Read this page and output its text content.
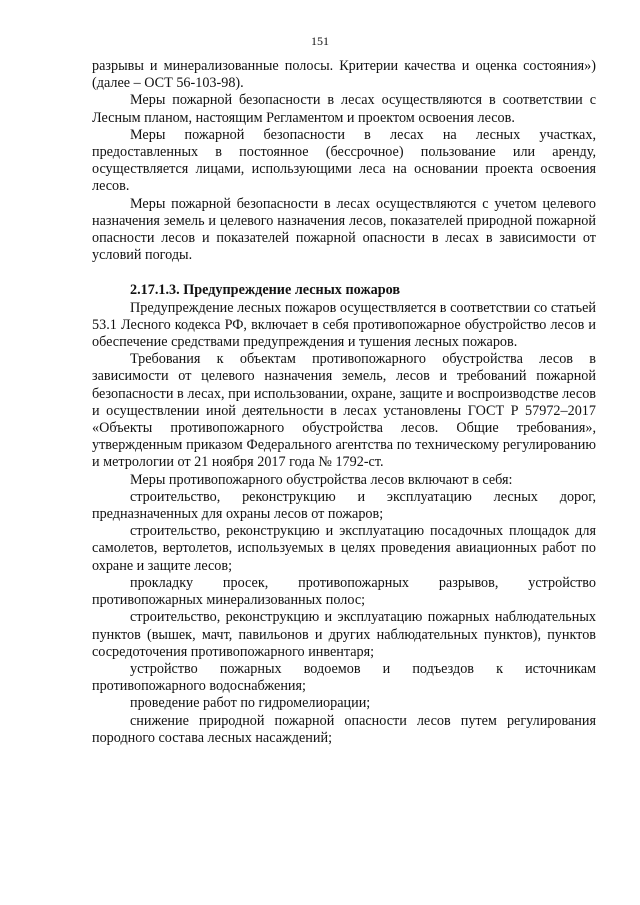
151

разрывы и минерализованные полосы. Критерии качества и оценка состояния») (далее – ОСТ 56-103-98).

Меры пожарной безопасности в лесах осуществляются в соответствии с Лесным планом, настоящим Регламентом и проектом освоения лесов.

Меры пожарной безопасности в лесах на лесных участках, предоставленных в постоянное (бессрочное) пользование или аренду, осуществляется лицами, использующими леса на основании проекта освоения лесов.

Меры пожарной безопасности в лесах осуществляются с учетом целевого назначения земель и целевого назначения лесов, показателей природной пожарной опасности лесов и показателей пожарной опасности в лесах в зависимости от условий погоды.

2.17.1.3. Предупреждение лесных пожаров

Предупреждение лесных пожаров осуществляется в соответствии со статьей 53.1 Лесного кодекса РФ, включает в себя противопожарное обустройство лесов и обеспечение средствами предупреждения и тушения лесных пожаров.

Требования к объектам противопожарного обустройства лесов в зависимости от целевого назначения земель, лесов и требований пожарной безопасности в лесах, при использовании, охране, защите и воспроизводстве лесов и осуществлении иной деятельности в лесах установлены ГОСТ Р 57972–2017 «Объекты противопожарного обустройства лесов. Общие требования», утвержденным приказом Федерального агентства по техническому регулированию и метрологии от 21 ноября 2017 года № 1792-ст.

Меры противопожарного обустройства лесов включают в себя:

строительство, реконструкцию и эксплуатацию лесных дорог, предназначенных для охраны лесов от пожаров;

строительство, реконструкцию и эксплуатацию посадочных площадок для самолетов, вертолетов, используемых в целях проведения авиационных работ по охране и защите лесов;

прокладку просек, противопожарных разрывов, устройство противопожарных минерализованных полос;

строительство, реконструкцию и эксплуатацию пожарных наблюдательных пунктов (вышек, мачт, павильонов и других наблюдательных пунктов), пунктов сосредоточения противопожарного инвентаря;

устройство пожарных водоемов и подъездов к источникам противопожарного водоснабжения;

проведение работ по гидромелиорации;

снижение природной пожарной опасности лесов путем регулирования породного состава лесных насаждений;
